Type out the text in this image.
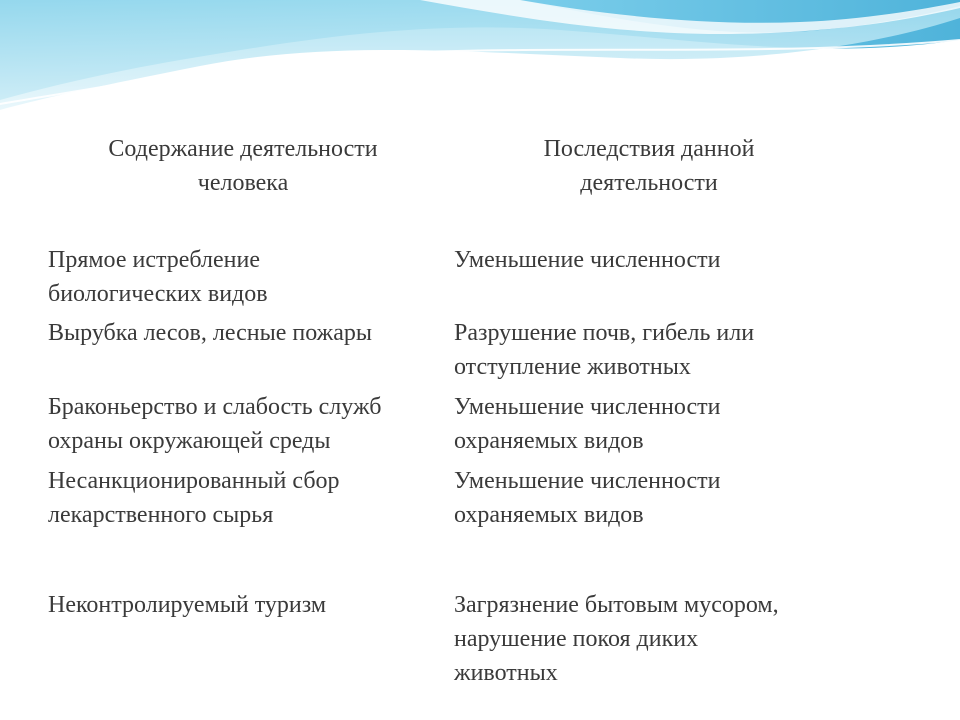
Содержание деятельности
человека
Последствия данной
деятельности
Прямое истребление
биологических видов
Уменьшение численности
Вырубка лесов, лесные пожары	Разрушение почв, гибель или
отступление животных
Браконьерство и слабость служб
охраны окружающей среды
Уменьшение численности
охраняемых видов
Несанкционированный сбор
лекарственного сырья
Уменьшение численности
охраняемых видов
Неконтролируемый туризм	Загрязнение бытовым мусором,
нарушение покоя диких
животных
